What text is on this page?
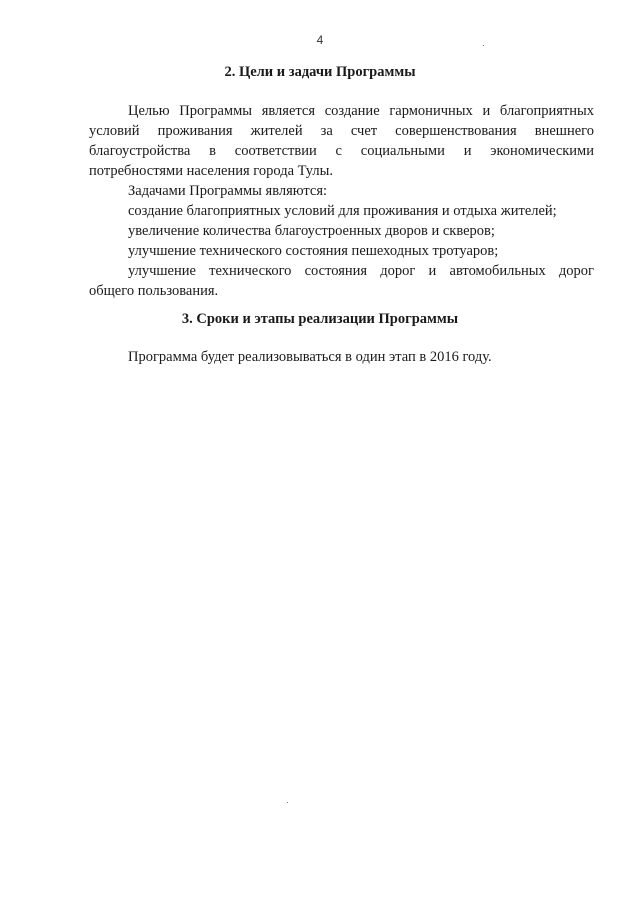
4
2. Цели и задачи Программы

Целью Программы является создание гармоничных и благоприятных

условий проживания жителей за счет совершенствования внешнего

благоустройства в соответствии с социальными и экономическими

потребностями населения города Тулы.

Задачами Программы являются:

создание благоприятных условий для проживания и отдыха жителей;

увеличение количества благоустроенных дворов и скверов;

улучшение технического состояния пешеходных тротуаров;

улучшение технического состояния дорог и автомобильных дорог

общего пользования.

3. Сроки и этапы реализации Программы

Программа будет реализовываться в один этап в 2016 году.
